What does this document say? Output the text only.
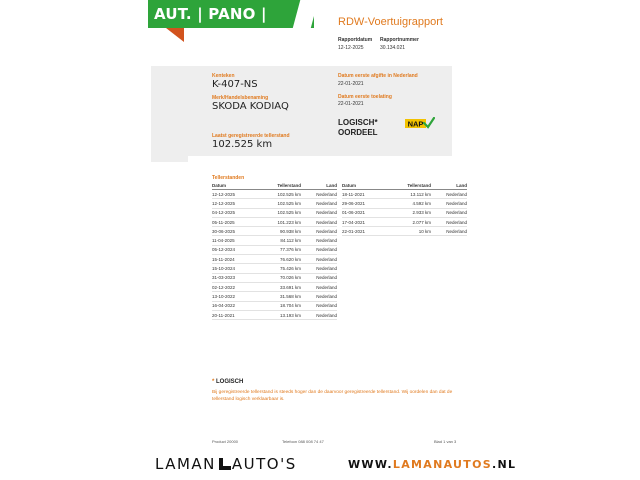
AUT. | PANO | CARPLAY
RDW-Voertuigrapport
Rapportdatum
12-12-2025
Rapportnummer
30.134.021
Kenteken
K-407-NS
Merk/Handelsbenaming
SKODA KODIAQ
Laatst geregistreerde tellerstand
102.525 km
Datum eerste afgifte in Nederland
22-01-2021
Datum eerste toelating
22-01-2021
LOGISCH*
OORDEEL
NAP
Tellerstanden
Datum	Tellerstand	Land
12-12-2025	102.525 km	Nederland
12-12-2025	102.525 km	Nederland
04-12-2025	102.525 km	Nederland
05-11-2025	101.223 km	Nederland
30-06-2025	90.938 km	Nederland
11-04-2025	84.112 km	Nederland
05-12-2024	77.376 km	Nederland
15-11-2024	76.620 km	Nederland
15-10-2024	75.426 km	Nederland
31-03-2023	70.026 km	Nederland
02-12-2022	33.691 km	Nederland
13-10-2022	31.568 km	Nederland
16-04-2022	18.704 km	Nederland
20-11-2021	13.193 km	Nederland
Datum	Tellerstand	Land
18-11-2021	13.112 km	Nederland
29-06-2021	4.592 km	Nederland
01-06-2021	2.933 km	Nederland
17-04-2021	2.077 km	Nederland
22-01-2021	10 km	Nederland
* LOGISCH
Bij geregistreerde tellerstand is steeds hoger dan de daarvoor geregistreerde tellerstand. Wij oordelen dan dat de tellerstand logisch verklaarbaar is.
Product 20000	Telefoon 088 008 74 47	Blad 1 van 3
LAMAN AUTO'S	WWW.LAMANAUTOS.NL
